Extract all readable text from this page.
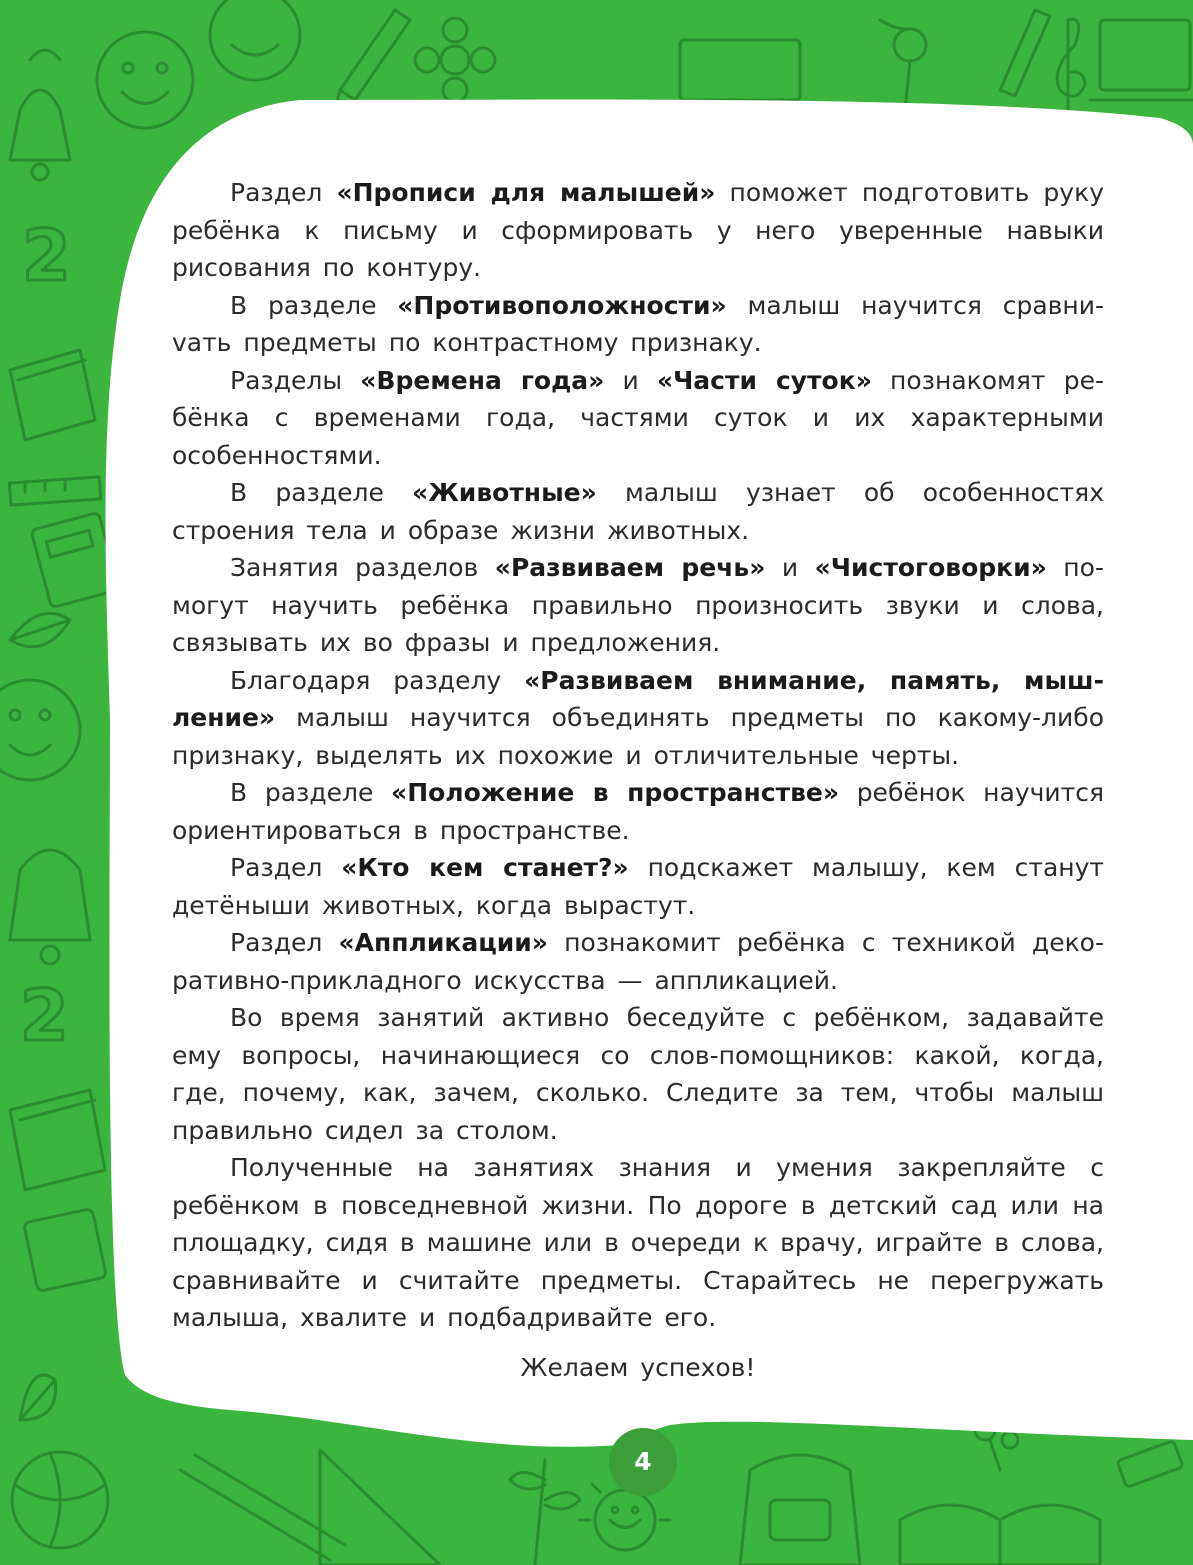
2
2

Раздел «Прописи для малышей» поможет подготовить руку ребёнка к письму и сформировать у него уверенные навыки рисования по контуру.

В разделе «Противоположности» малыш научится сравниvать предметы по контрастному признаку.

Разделы «Времена года» и «Части суток» познакомят ребёнка с временами года, частями суток и их характерными особенностями.

В разделе «Животные» малыш узнает об особенностях строения тела и образе жизни животных.

Занятия разделов «Развиваем речь» и «Чистоговорки» помогут научить ребёнка правильно произносить звуки и слова, связывать их во фразы и предложения.

Благодаря разделу «Развиваем внимание, память, мышление» малыш научится объединять предметы по какому-либо признаку, выделять их похожие и отличительные черты.

В разделе «Положение в пространстве» ребёнок научится ориентироваться в пространстве.

Раздел «Кто кем станет?» подскажет малышу, кем станут детёныши животных, когда вырастут.

Раздел «Аппликации» познакомит ребёнка с техникой декоративно-прикладного искусства — аппликацией.

Во время занятий активно беседуйте с ребёнком, задавайте ему вопросы, начинающиеся со слов-помощников: какой, когда, где, почему, как, зачем, сколько. Следите за тем, чтобы малыш правильно сидел за столом.

Полученные на занятиях знания и умения закрепляйте с ребёнком в повседневной жизни. По дороге в детский сад или на площадку, сидя в машине или в очереди к врачу, играйте в слова, сравнивайте и считайте предметы. Старайтесь не перегружать малыша, хвалите и подбадривайте его.

Желаем успехов!

4
